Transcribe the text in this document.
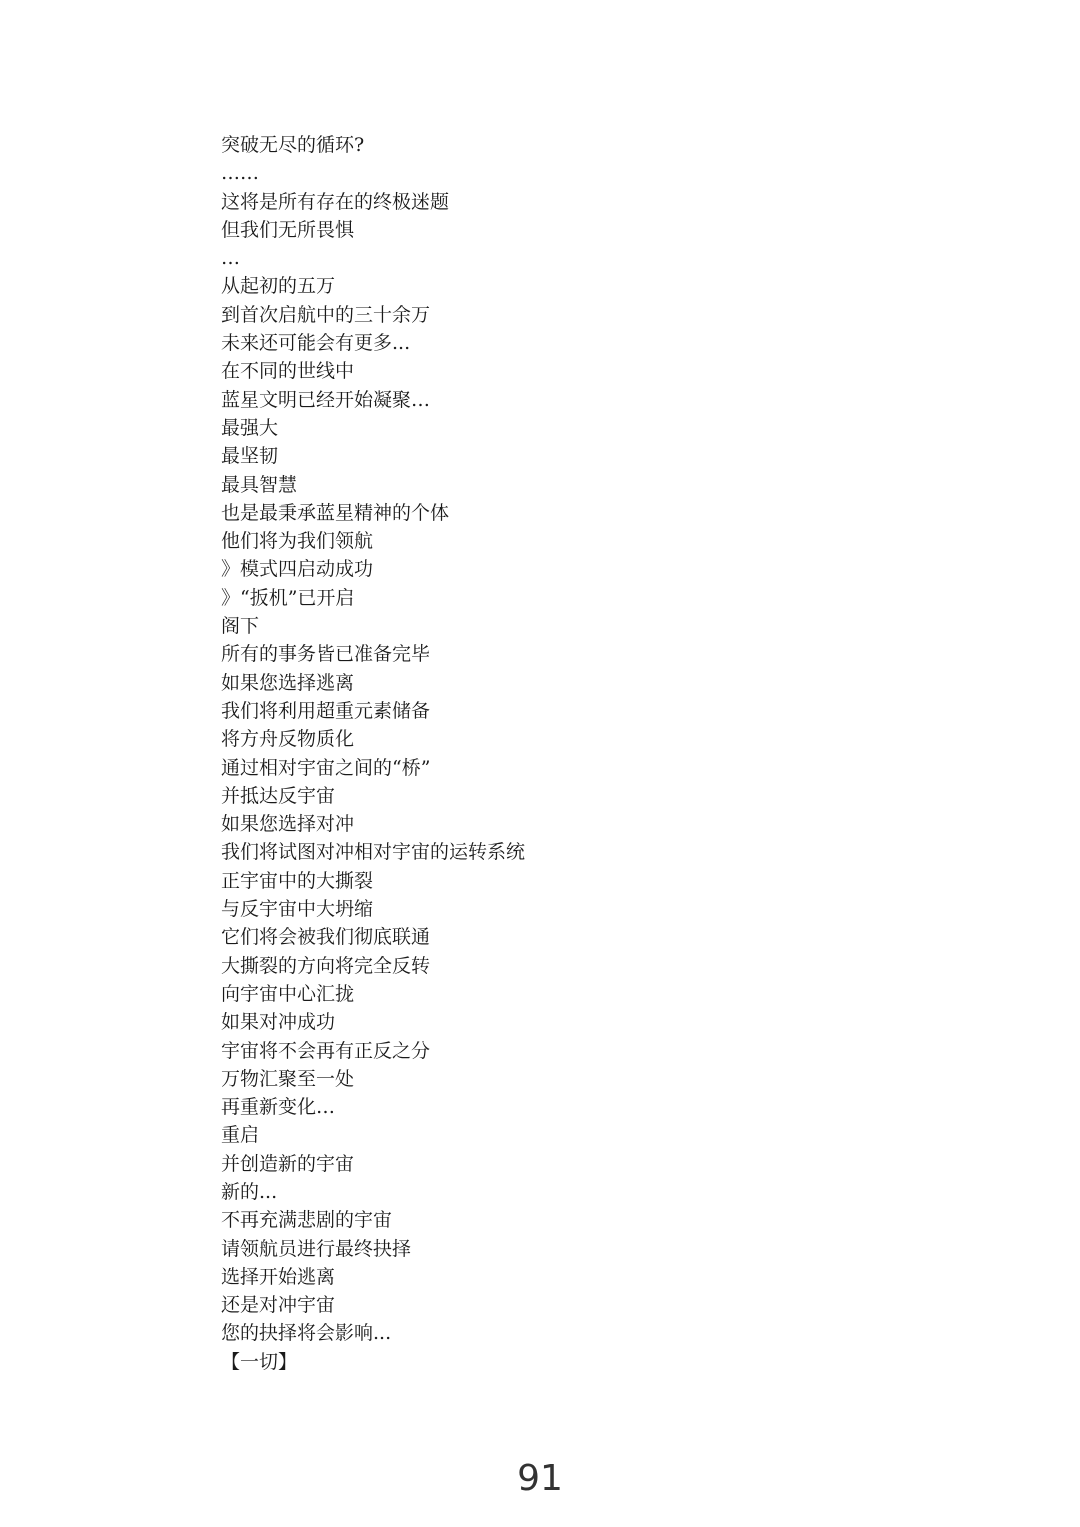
突破无尽的循环?
……
这将是所有存在的终极迷题
但我们无所畏惧
…
从起初的五万
到首次启航中的三十余万
未来还可能会有更多...
在不同的世线中
蓝星文明已经开始凝聚…
最强大
最坚韧
最具智慧
也是最秉承蓝星精神的个体
他们将为我们领航
》模式四启动成功
》“扳机”已开启
阁下
所有的事务皆已准备完毕
如果您选择逃离
我们将利用超重元素储备
将方舟反物质化
通过相对宇宙之间的“桥”
并抵达反宇宙
如果您选择对冲
我们将试图对冲相对宇宙的运转系统
正宇宙中的大撕裂
与反宇宙中大坍缩
它们将会被我们彻底联通
大撕裂的方向将完全反转
向宇宙中心汇拢
如果对冲成功
宇宙将不会再有正反之分
万物汇聚至一处
再重新变化…
重启
并创造新的宇宙
新的...
不再充满悲剧的宇宙
请领航员进行最终抉择
选择开始逃离
还是对冲宇宙
您的抉择将会影响...
【一切】
91
